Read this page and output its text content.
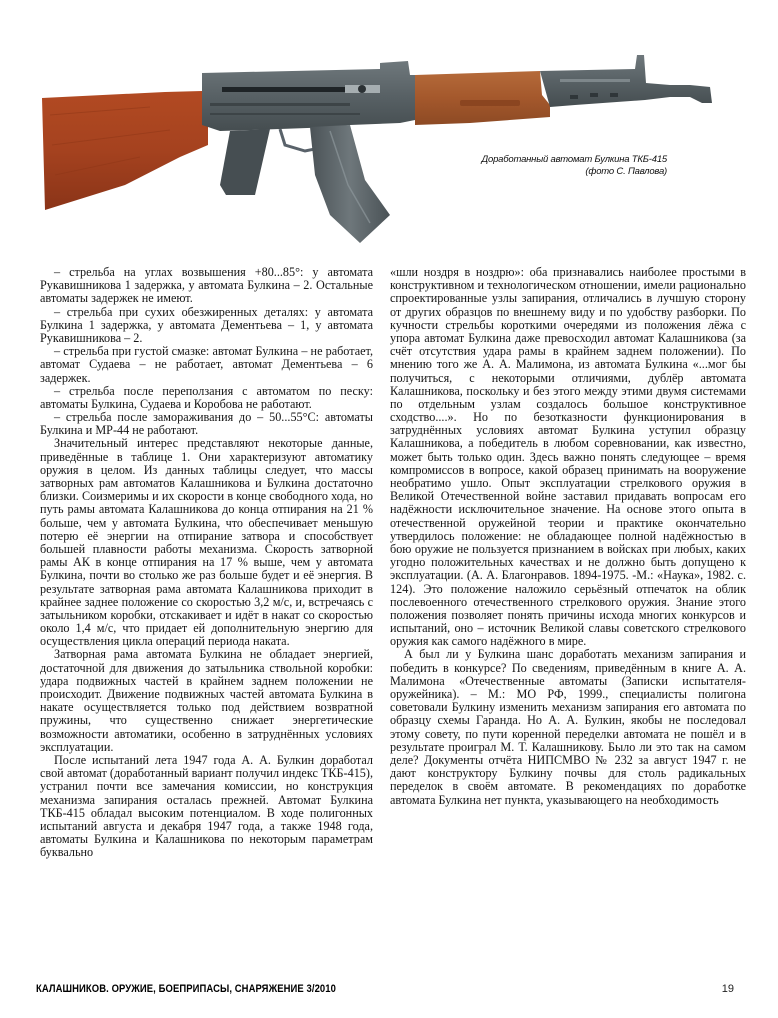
Доработанный автомат Булкина ТКБ-415
(фото С. Павлова)

– стрельба на углах возвышения +80...85°: у автомата Рукавишникова 1 задержка, у автомата Булкина – 2. Остальные автоматы задержек не имеют.

– стрельба при сухих обезжиренных деталях: у автомата Булкина 1 задержка, у автомата Дементьева – 1, у автомата Рукавишникова – 2.

– стрельба при густой смазке: автомат Булкина – не работает, автомат Судаева – не работает, автомат Дементьева – 6 задержек.

– стрельба после переползания с автоматом по песку: автоматы Булкина, Судаева и Коробова не работают.

– стрельба после замораживания до – 50...55°С: автоматы Булкина и МР-44 не работают.

Значительный интерес представляют некоторые данные, приведённые в таблице 1. Они характеризуют автоматику оружия в целом. Из данных таблицы следует, что массы затворных рам автоматов Калашникова и Булкина достаточно близки. Соизмеримы и их скорости в конце свободного хода, но путь рамы автомата Калашникова до конца отпирания на 21 % больше, чем у автомата Булкина, что обеспечивает меньшую потерю её энергии на отпирание затвора и способствует большей плавности работы механизма. Скорость затворной рамы АК в конце отпирания на 17 % выше, чем у автомата Булкина, почти во столько же раз больше будет и её энергия. В результате затворная рама автомата Калашникова приходит в крайнее заднее положение со скоростью 3,2 м/с, и, встречаясь с затыльником коробки, отскакивает и идёт в накат со скоростью около 1,4 м/с, что придает ей дополнительную энергию для осуществления цикла операций периода наката.

Затворная рама автомата Булкина не обладает энергией, достаточной для движения до затыльника ствольной коробки: удара подвижных частей в крайнем заднем положении не происходит. Движение подвижных частей автомата Булкина в накате осуществляется только под действием возвратной пружины, что существенно снижает энергетические возможности автоматики, особенно в затруднённых условиях эксплуатации.

После испытаний лета 1947 года А. А. Булкин доработал свой автомат (доработанный вариант получил индекс ТКБ-415), устранил почти все замечания комиссии, но конструкция механизма запирания осталась прежней. Автомат Булкина ТКБ-415 обладал высоким потенциалом. В ходе полигонных испытаний августа и декабря 1947 года, а также 1948 года, автоматы Булкина и Калашникова по некоторым параметрам буквально

«шли ноздря в ноздрю»: оба признавались наиболее простыми в конструктивном и технологическом отношении, имели рационально спроектированные узлы запирания, отличались в лучшую сторону от других образцов по внешнему виду и по удобству разборки. По кучности стрельбы короткими очередями из положения лёжа с упора автомат Булкина даже превосходил автомат Калашникова (за счёт отсутствия удара рамы в крайнем заднем положении). По мнению того же А. А. Малимона, из автомата Булкина «...мог бы получиться, с некоторыми отличиями, дублёр автомата Калашникова, поскольку и без этого между этими двумя системами по отдельным узлам создалось большое конструктивное сходство....». Но по безотказности функционирования в затруднённых условиях автомат Булкина уступил образцу Калашникова, а победитель в любом соревновании, как известно, может быть только один. Здесь важно понять следующее – время компромиссов в вопросе, какой образец принимать на вооружение необратимо ушло. Опыт эксплуатации стрелкового оружия в Великой Отечественной войне заставил придавать вопросам его надёжности исключительное значение. На основе этого опыта в отечественной оружейной теории и практике окончательно утвердилось положение: не обладающее полной надёжностью в бою оружие не пользуется признанием в войсках при любых, каких угодно положительных качествах и не должно быть допущено к эксплуатации. (А. А. Благонравов. 1894-1975. -М.: «Наука», 1982. с. 124). Это положение наложило серьёзный отпечаток на облик послевоенного отечественного стрелкового оружия. Знание этого положения позволяет понять причины исхода многих конкурсов и испытаний, оно – источник Великой славы советского стрелкового оружия как самого надёжного в мире.

А был ли у Булкина шанс доработать механизм запирания и победить в конкурсе? По сведениям, приведённым в книге А. А. Малимона «Отечественные автоматы (Записки испытателя-оружейника). – М.: МО РФ, 1999., специалисты полигона советовали Булкину изменить механизм запирания его автомата по образцу схемы Гаранда. Но А. А. Булкин, якобы не последовал этому совету, по пути коренной переделки автомата не пошёл и в результате проиграл М. Т. Калашникову. Было ли это так на самом деле? Документы отчёта НИПСМВО № 232 за август 1947 г. не дают конструктору Булкину почвы для столь радикальных переделок в своём автомате. В рекомендациях по доработке автомата Булкина нет пункта, указывающего на необходимость

КАЛАШНИКОВ. ОРУЖИЕ, БОЕПРИПАСЫ, СНАРЯЖЕНИЕ 3/2010	19
